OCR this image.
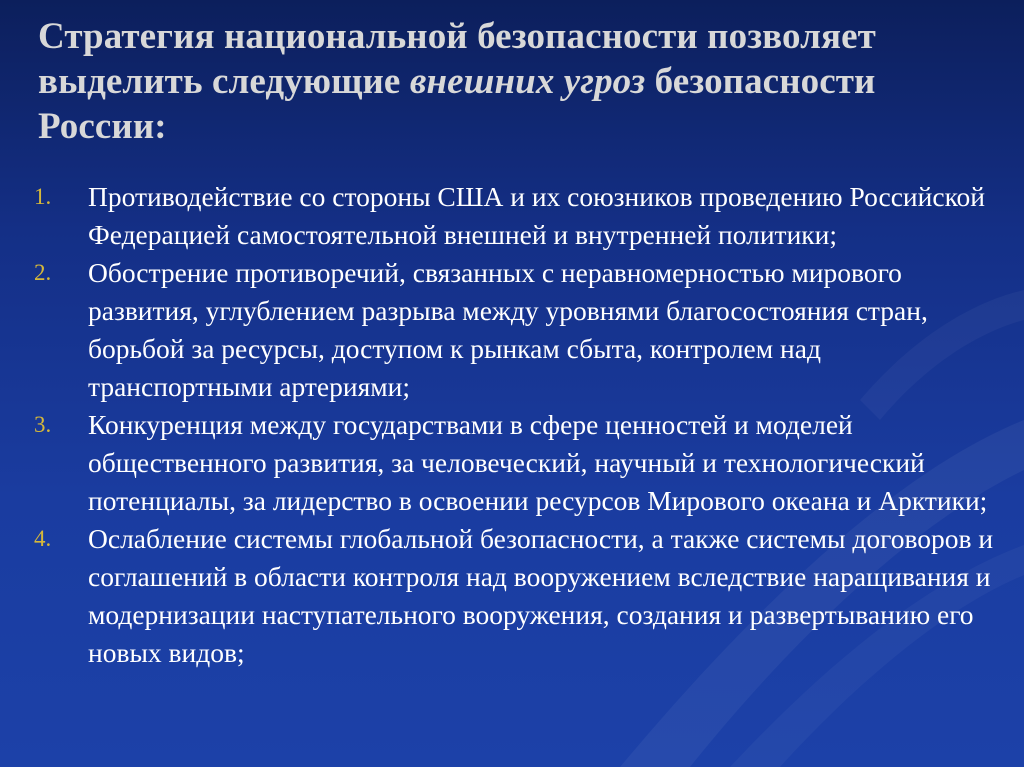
Стратегия национальной безопасности позволяет выделить следующие внешних угроз безопасности России:
1.	Противодействие со стороны США и их союзников проведению Российской Федерацией самостоятельной внешней и внутренней политики;
2.	Обострение противоречий, связанных с неравномерностью мирового развития, углублением разрыва между уровнями благосостояния стран, борьбой за ресурсы, доступом к рынкам сбыта, контролем над транспортными артериями;
3.	Конкуренция между государствами в сфере ценностей и моделей общественного развития, за человеческий, научный и технологический потенциалы, за лидерство в освоении ресурсов Мирового океана и Арктики;
4.	Ослабление системы глобальной безопасности, а также системы договоров и соглашений в области контроля над вооружением вследствие наращивания и модернизации наступательного вооружения, создания и развертыванию его новых видов;
